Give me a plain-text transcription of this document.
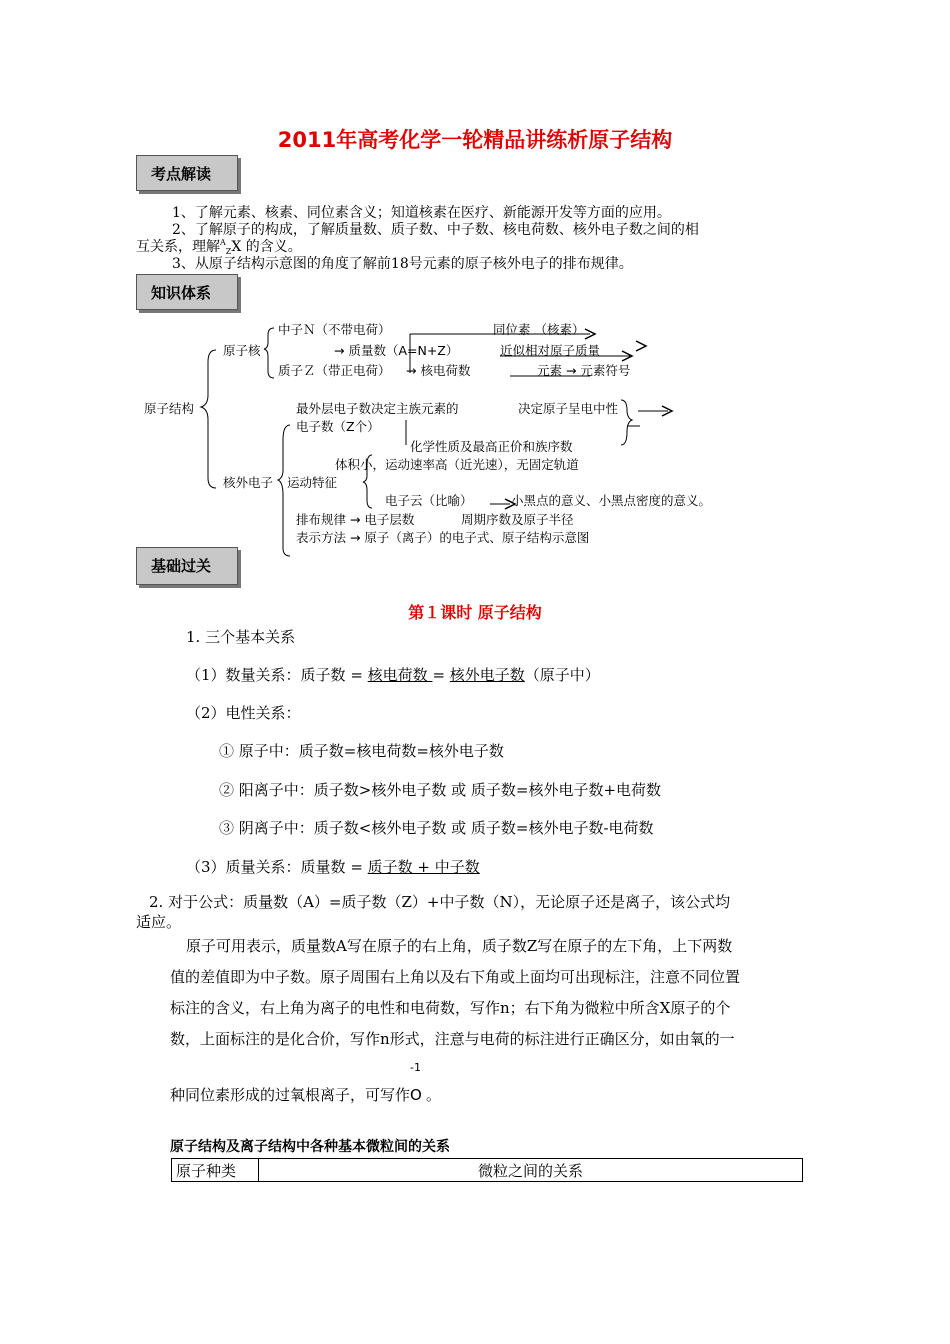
2011年高考化学一轮精品讲练析原子结构
考点解读
1、了解元素、核素、同位素含义；知道核素在医疗、新能源开发等方面的应用。
2、了解原子的构成，了解质量数、质子数、中子数、核电荷数、核外电子数之间的相
互关系，理解$^A_Z$X 的含义。
3、从原子结构示意图的角度了解前18号元素的原子核外电子的排布规律。
知识体系
原子结构
原子核
中子Ｎ（不带电荷）	同位素 （核素）
→ 质量数（A=N+Z）	近似相对原子质量
质子Ｚ（带正电荷） → 核电荷数	元素 → 元素符号
最外层电子数决定主族元素的	决定原子呈电中性
电子数（Z个）
化学性质及最高正价和族序数
体积小，运动速率高（近光速），无固定轨道
核外电子 运动特征
电子云（比喻）	小黑点的意义、小黑点密度的意义。
排布规律 → 电子层数	周期序数及原子半径
表示方法 → 原子（离子）的电子式、原子结构示意图
基础过关
第１课时 原子结构
1. 三个基本关系
（1）数量关系：质子数 = 核电荷数 = 核外电子数（原子中）
（2）电性关系：
① 原子中：质子数=核电荷数=核外电子数
② 阳离子中：质子数>核外电子数 或 质子数=核外电子数+电荷数
③ 阴离子中：质子数<核外电子数 或 质子数=核外电子数-电荷数
（3）质量关系：质量数 = 质子数 + 中子数
2. 对于公式：质量数（A）=质子数（Z）+中子数（N），无论原子还是离子，该公式均
适应。
原子可用表示，质量数A写在原子的右上角，质子数Z写在原子的左下角，上下两数
值的差值即为中子数。原子周围右上角以及右下角或上面均可出现标注，注意不同位置
标注的含义，右上角为离子的电性和电荷数，写作n；右下角为微粒中所含X原子的个
数，上面标注的是化合价，写作n形式，注意与电荷的标注进行正确区分，如由氧的一
种同位素形成的过氧根离子，可写作
-1
O 。
原子结构及离子结构中各种基本微粒间的关系
原子种类	微粒之间的关系
